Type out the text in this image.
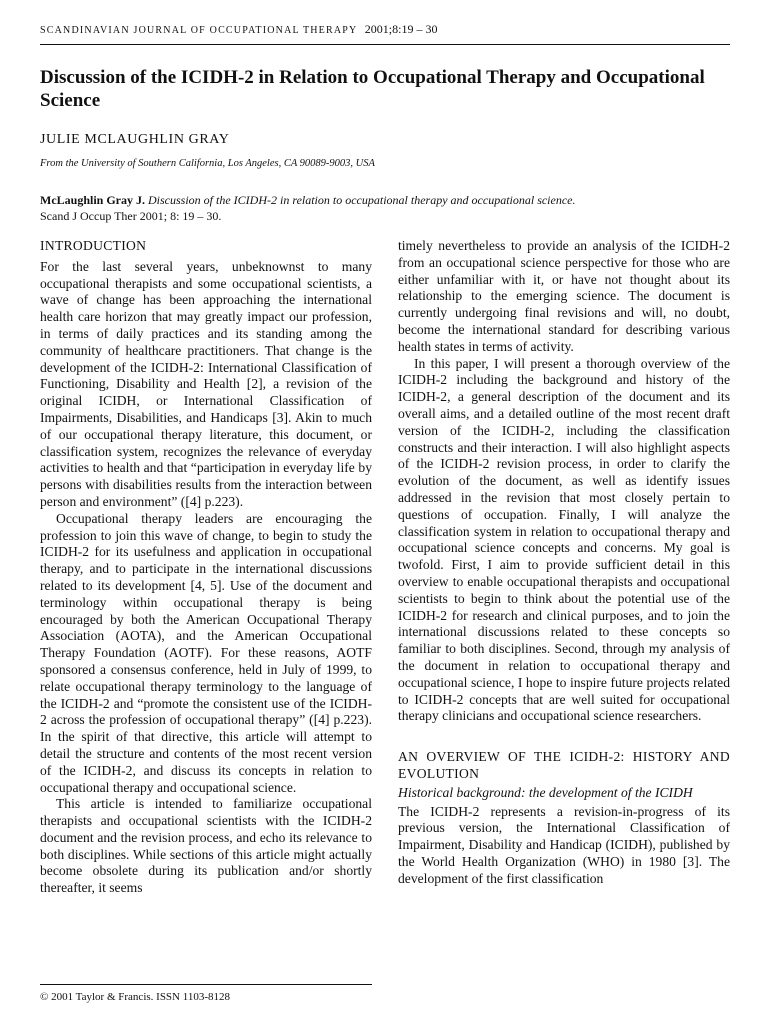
SCANDINAVIAN JOURNAL OF OCCUPATIONAL THERAPY 2001;8:19 – 30
Discussion of the ICIDH-2 in Relation to Occupational Therapy and Occupational Science
JULIE MCLAUGHLIN GRAY
From the University of Southern California, Los Angeles, CA 90089-9003, USA
McLaughlin Gray J. Discussion of the ICIDH-2 in relation to occupational therapy and occupational science.
Scand J Occup Ther 2001; 8: 19 – 30.
INTRODUCTION

For the last several years, unbeknownst to many occupational therapists and some occupational scientists, a wave of change has been approaching the international health care horizon that may greatly impact our profession, in terms of daily practices and its standing among the community of healthcare practitioners. That change is the development of the ICIDH-2: International Classification of Functioning, Disability and Health [2], a revision of the original ICIDH, or International Classification of Impairments, Disabilities, and Handicaps [3]. Akin to much of our occupational therapy literature, this document, or classification system, recognizes the relevance of everyday activities to health and that “participation in everyday life by persons with disabilities results from the interaction between person and environment” ([4] p.223).

Occupational therapy leaders are encouraging the profession to join this wave of change, to begin to study the ICIDH-2 for its usefulness and application in occupational therapy, and to participate in the international discussions related to its development [4, 5]. Use of the document and terminology within occupational therapy is being encouraged by both the American Occupational Therapy Association (AOTA), and the American Occupational Therapy Foundation (AOTF). For these reasons, AOTF sponsored a consensus conference, held in July of 1999, to relate occupational therapy terminology to the language of the ICIDH-2 and “promote the consistent use of the ICIDH-2 across the profession of occupational therapy” ([4] p.223). In the spirit of that directive, this article will attempt to detail the structure and contents of the most recent version of the ICIDH-2, and discuss its concepts in relation to occupational therapy and occupational science.

This article is intended to familiarize occupational therapists and occupational scientists with the ICIDH-2 document and the revision process, and echo its relevance to both disciplines. While sections of this article might actually become obsolete during its publication and/or shortly thereafter, it seems

timely nevertheless to provide an analysis of the ICIDH-2 from an occupational science perspective for those who are either unfamiliar with it, or have not thought about its relationship to the emerging science. The document is currently undergoing final revisions and will, no doubt, become the international standard for describing various health states in terms of activity.

In this paper, I will present a thorough overview of the ICIDH-2 including the background and history of the ICIDH-2, a general description of the document and its overall aims, and a detailed outline of the most recent draft version of the ICIDH-2, including the classification constructs and their interaction. I will also highlight aspects of the ICIDH-2 revision process, in order to clarify the evolution of the document, as well as identify issues addressed in the revision that most closely pertain to questions of occupation. Finally, I will analyze the classification system in relation to occupational therapy and occupational science concepts and concerns. My goal is twofold. First, I aim to provide sufficient detail in this overview to enable occupational therapists and occupational scientists to begin to think about the potential use of the ICIDH-2 for research and clinical purposes, and to join the international discussions related to these concepts so familiar to both disciplines. Second, through my analysis of the document in relation to occupational therapy and occupational science, I hope to inspire future projects related to ICIDH-2 concepts that are well suited for occupational therapy clinicians and occupational science researchers.

AN OVERVIEW OF THE ICIDH-2: HISTORY AND EVOLUTION
Historical background: the development of the ICIDH

The ICIDH-2 represents a revision-in-progress of its previous version, the International Classification of Impairment, Disability and Handicap (ICIDH), published by the World Health Organization (WHO) in 1980 [3]. The development of the first classification

© 2001 Taylor & Francis. ISSN 1103-8128
